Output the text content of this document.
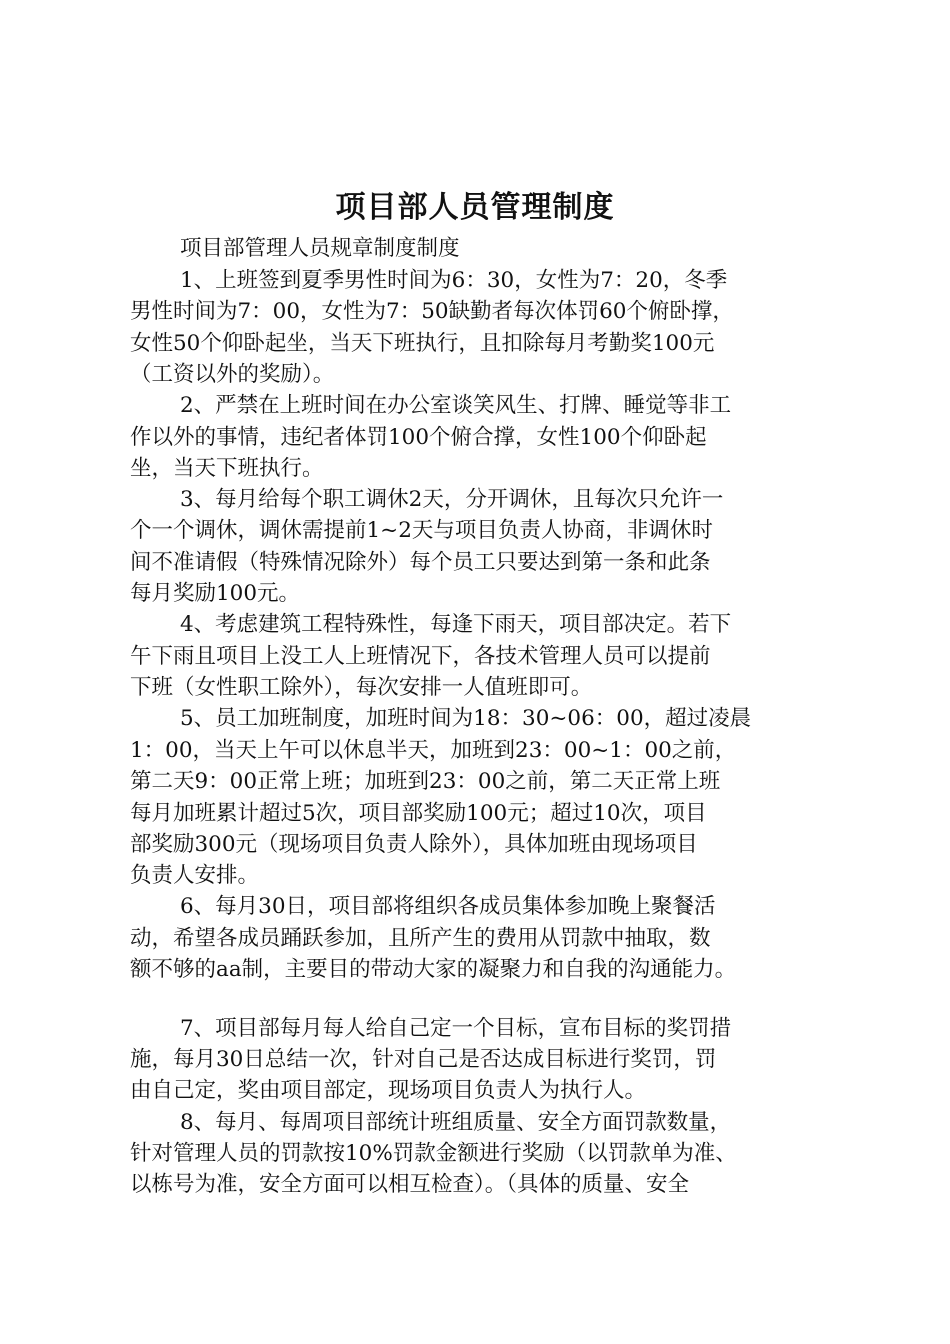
项目部人员管理制度
项目部管理人员规章制度制度
1、上班签到夏季男性时间为6：30，女性为7：20，冬季
男性时间为7：00，女性为7：50缺勤者每次体罚60个俯卧撑，
女性50个仰卧起坐，当天下班执行，且扣除每月考勤奖100元
（工资以外的奖励）。
2、严禁在上班时间在办公室谈笑风生、打牌、睡觉等非工
作以外的事情，违纪者体罚100个俯合撑，女性100个仰卧起
坐，当天下班执行。
3、每月给每个职工调休2天，分开调休，且每次只允许一
个一个调休，调休需提前1~2天与项目负责人协商，非调休时
间不准请假（特殊情况除外）每个员工只要达到第一条和此条
每月奖励100元。
4、考虑建筑工程特殊性，每逢下雨天，项目部决定。若下
午下雨且项目上没工人上班情况下，各技术管理人员可以提前
下班（女性职工除外），每次安排一人值班即可。
5、员工加班制度，加班时间为18：30~06：00，超过凌晨
1：00，当天上午可以休息半天，加班到23：00~1：00之前，
第二天9：00正常上班；加班到23：00之前，第二天正常上班
每月加班累计超过5次，项目部奖励100元；超过10次，项目
部奖励300元（现场项目负责人除外），具体加班由现场项目
负责人安排。
6、每月30日，项目部将组织各成员集体参加晚上聚餐活
动，希望各成员踊跃参加，且所产生的费用从罚款中抽取，数
额不够的aa制，主要目的带动大家的凝聚力和自我的沟通能力。
7、项目部每月每人给自己定一个目标，宣布目标的奖罚措
施，每月30日总结一次，针对自己是否达成目标进行奖罚，罚
由自己定，奖由项目部定，现场项目负责人为执行人。
8、每月、每周项目部统计班组质量、安全方面罚款数量，
针对管理人员的罚款按10%罚款金额进行奖励（以罚款单为准、
以栋号为准，安全方面可以相互检查）。（具体的质量、安全
